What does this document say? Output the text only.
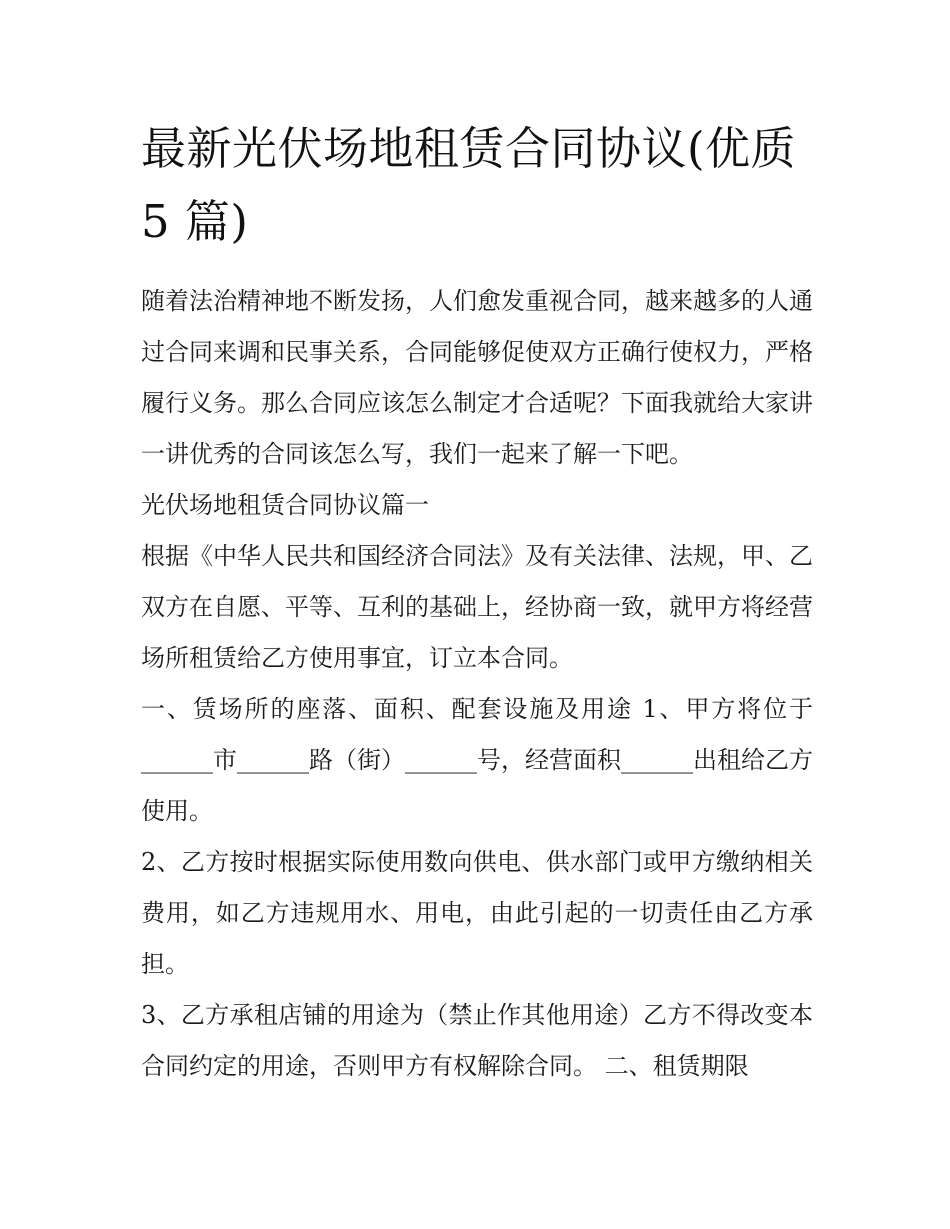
最新光伏场地租赁合同协议(优质 5 篇)

随着法治精神地不断发扬，人们愈发重视合同，越来越多的人通过合同来调和民事关系，合同能够促使双方正确行使权力，严格履行义务。那么合同应该怎么制定才合适呢？下面我就给大家讲一讲优秀的合同该怎么写，我们一起来了解一下吧。

光伏场地租赁合同协议篇一

根据《中华人民共和国经济合同法》及有关法律、法规，甲、乙双方在自愿、平等、互利的基础上，经协商一致，就甲方将经营场所租赁给乙方使用事宜，订立本合同。

一、赁场所的座落、面积、配套设施及用途 1、甲方将位于______市______路（街）______号，经营面积______出租给乙方使用。

2、乙方按时根据实际使用数向供电、供水部门或甲方缴纳相关费用，如乙方违规用水、用电，由此引起的一切责任由乙方承担。

3、乙方承租店铺的用途为（禁止作其他用途）乙方不得改变本合同约定的用途，否则甲方有权解除合同。 二、租赁期限
